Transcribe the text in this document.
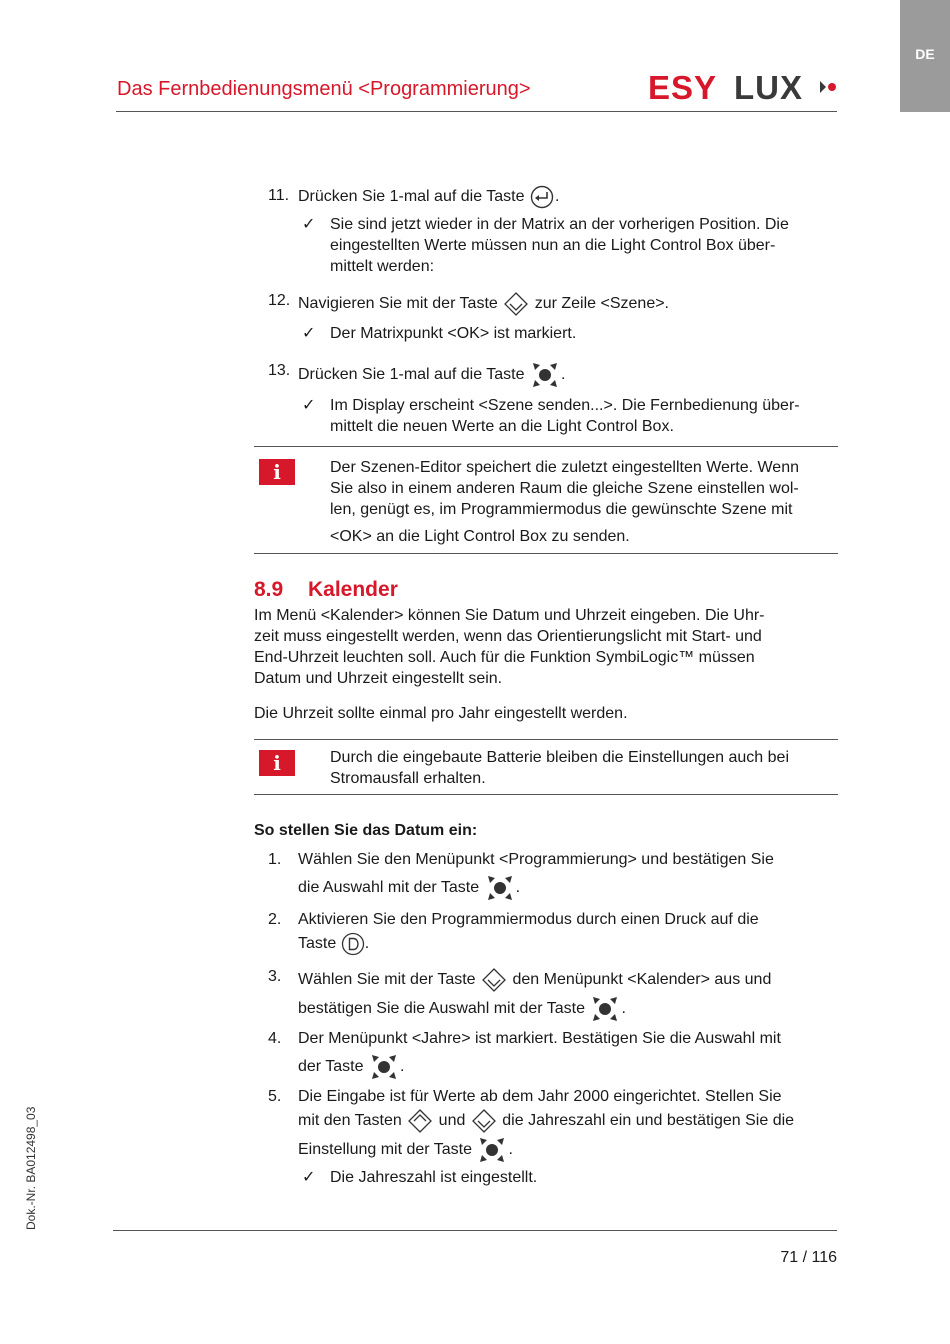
DE
Das Fernbedienungsmenü <Programmierung>	ESY LUX
11. Drücken Sie 1-mal auf die Taste .
✓ Sie sind jetzt wieder in der Matrix an der vorherigen Position. Die
eingestellten Werte müssen nun an die Light Control Box über-
mittelt werden:
12. Navigieren Sie mit der Taste zur Zeile <Szene>.
✓ Der Matrixpunkt <OK> ist markiert.
13. Drücken Sie 1-mal auf die Taste .
✓ Im Display erscheint <Szene senden...>. Die Fernbedienung über-
mittelt die neuen Werte an die Light Control Box.
i	Der Szenen-Editor speichert die zuletzt eingestellten Werte. Wenn
Sie also in einem anderen Raum die gleiche Szene einstellen wol-
len, genügt es, im Programmiermodus die gewünschte Szene mit
<OK> an die Light Control Box zu senden.
8.9 Kalender
Im Menü <Kalender> können Sie Datum und Uhrzeit eingeben. Die Uhr-
zeit muss eingestellt werden, wenn das Orientierungslicht mit Start- und
End-Uhrzeit leuchten soll. Auch für die Funktion SymbiLogic™ müssen
Datum und Uhrzeit eingestellt sein.
Die Uhrzeit sollte einmal pro Jahr eingestellt werden.
i	Durch die eingebaute Batterie bleiben die Einstellungen auch bei
Stromausfall erhalten.
So stellen Sie das Datum ein:
1.	Wählen Sie den Menüpunkt <Programmierung> und bestätigen Sie
die Auswahl mit der Taste .
2.	Aktivieren Sie den Programmiermodus durch einen Druck auf die
Taste .
3.	Wählen Sie mit der Taste den Menüpunkt <Kalender> aus und
bestätigen Sie die Auswahl mit der Taste .
4.	Der Menüpunkt <Jahre> ist markiert. Bestätigen Sie die Auswahl mit
der Taste .
5.	Die Eingabe ist für Werte ab dem Jahr 2000 eingerichtet. Stellen Sie
mit den Tasten und die Jahreszahl ein und bestätigen Sie die
Einstellung mit der Taste .
✓ Die Jahreszahl ist eingestellt.
Dok.-Nr. BA012498_03
71 / 116
